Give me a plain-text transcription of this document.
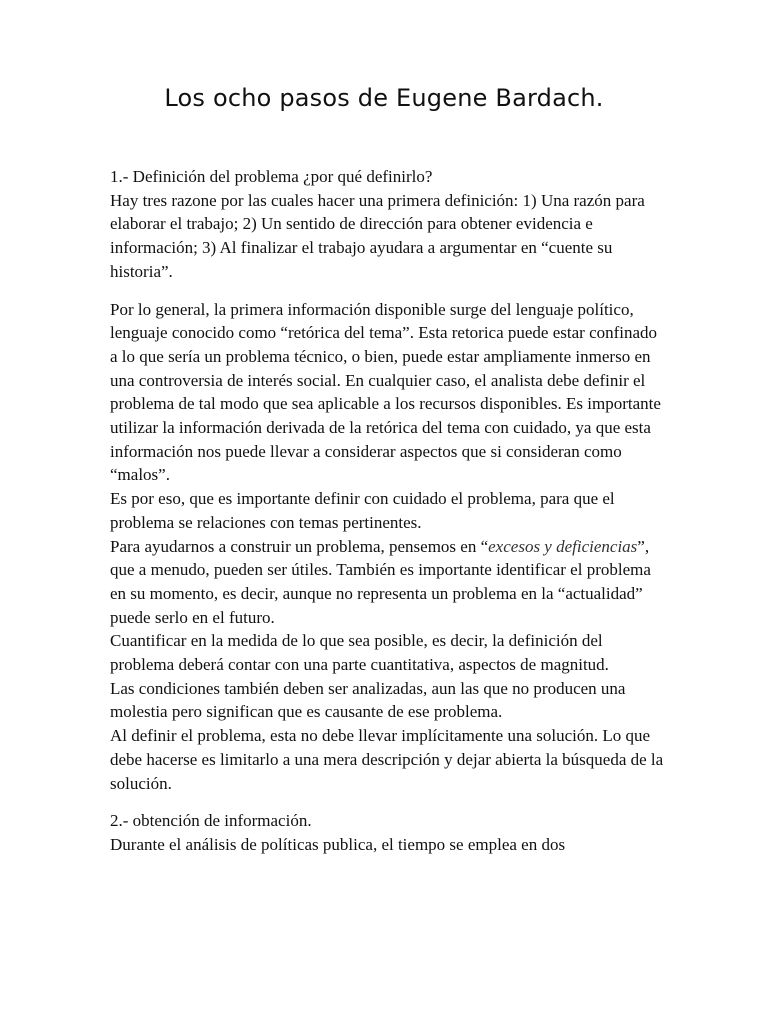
Los ocho pasos de Eugene Bardach.

1.- Definición del problema ¿por qué definirlo?

Hay tres razone por las cuales hacer una primera definición: 1) Una razón para elaborar el trabajo; 2) Un sentido de dirección para obtener evidencia e información; 3) Al finalizar el trabajo ayudara a argumentar en “cuente su historia”.

Por lo general, la primera información disponible surge del lenguaje político, lenguaje conocido como “retórica del tema”. Esta retorica puede estar confinado a lo que sería un problema técnico, o bien, puede estar ampliamente inmerso en una controversia de interés social. En cualquier caso, el analista debe definir el problema de tal modo que sea aplicable a los recursos disponibles. Es importante utilizar la información derivada de la retórica del tema con cuidado, ya que esta información nos puede llevar a considerar aspectos que si consideran como “malos”.

Es por eso, que es importante definir con cuidado el problema, para que el problema se relaciones con temas pertinentes.

Para ayudarnos a construir un problema, pensemos en “excesos y deficiencias”, que a menudo, pueden ser útiles. También es importante identificar el problema en su momento, es decir, aunque no representa un problema en la “actualidad” puede serlo en el futuro.

Cuantificar en la medida de lo que sea posible, es decir, la definición del problema deberá contar con una parte cuantitativa, aspectos de magnitud.

Las condiciones también deben ser analizadas, aun las que no producen una molestia pero significan que es causante de ese problema.

Al definir el problema, esta no debe llevar implícitamente una solución. Lo que debe hacerse es limitarlo a una mera descripción y dejar abierta la búsqueda de la solución.

2.- obtención de información.

Durante el análisis de políticas publica, el tiempo se emplea en dos
